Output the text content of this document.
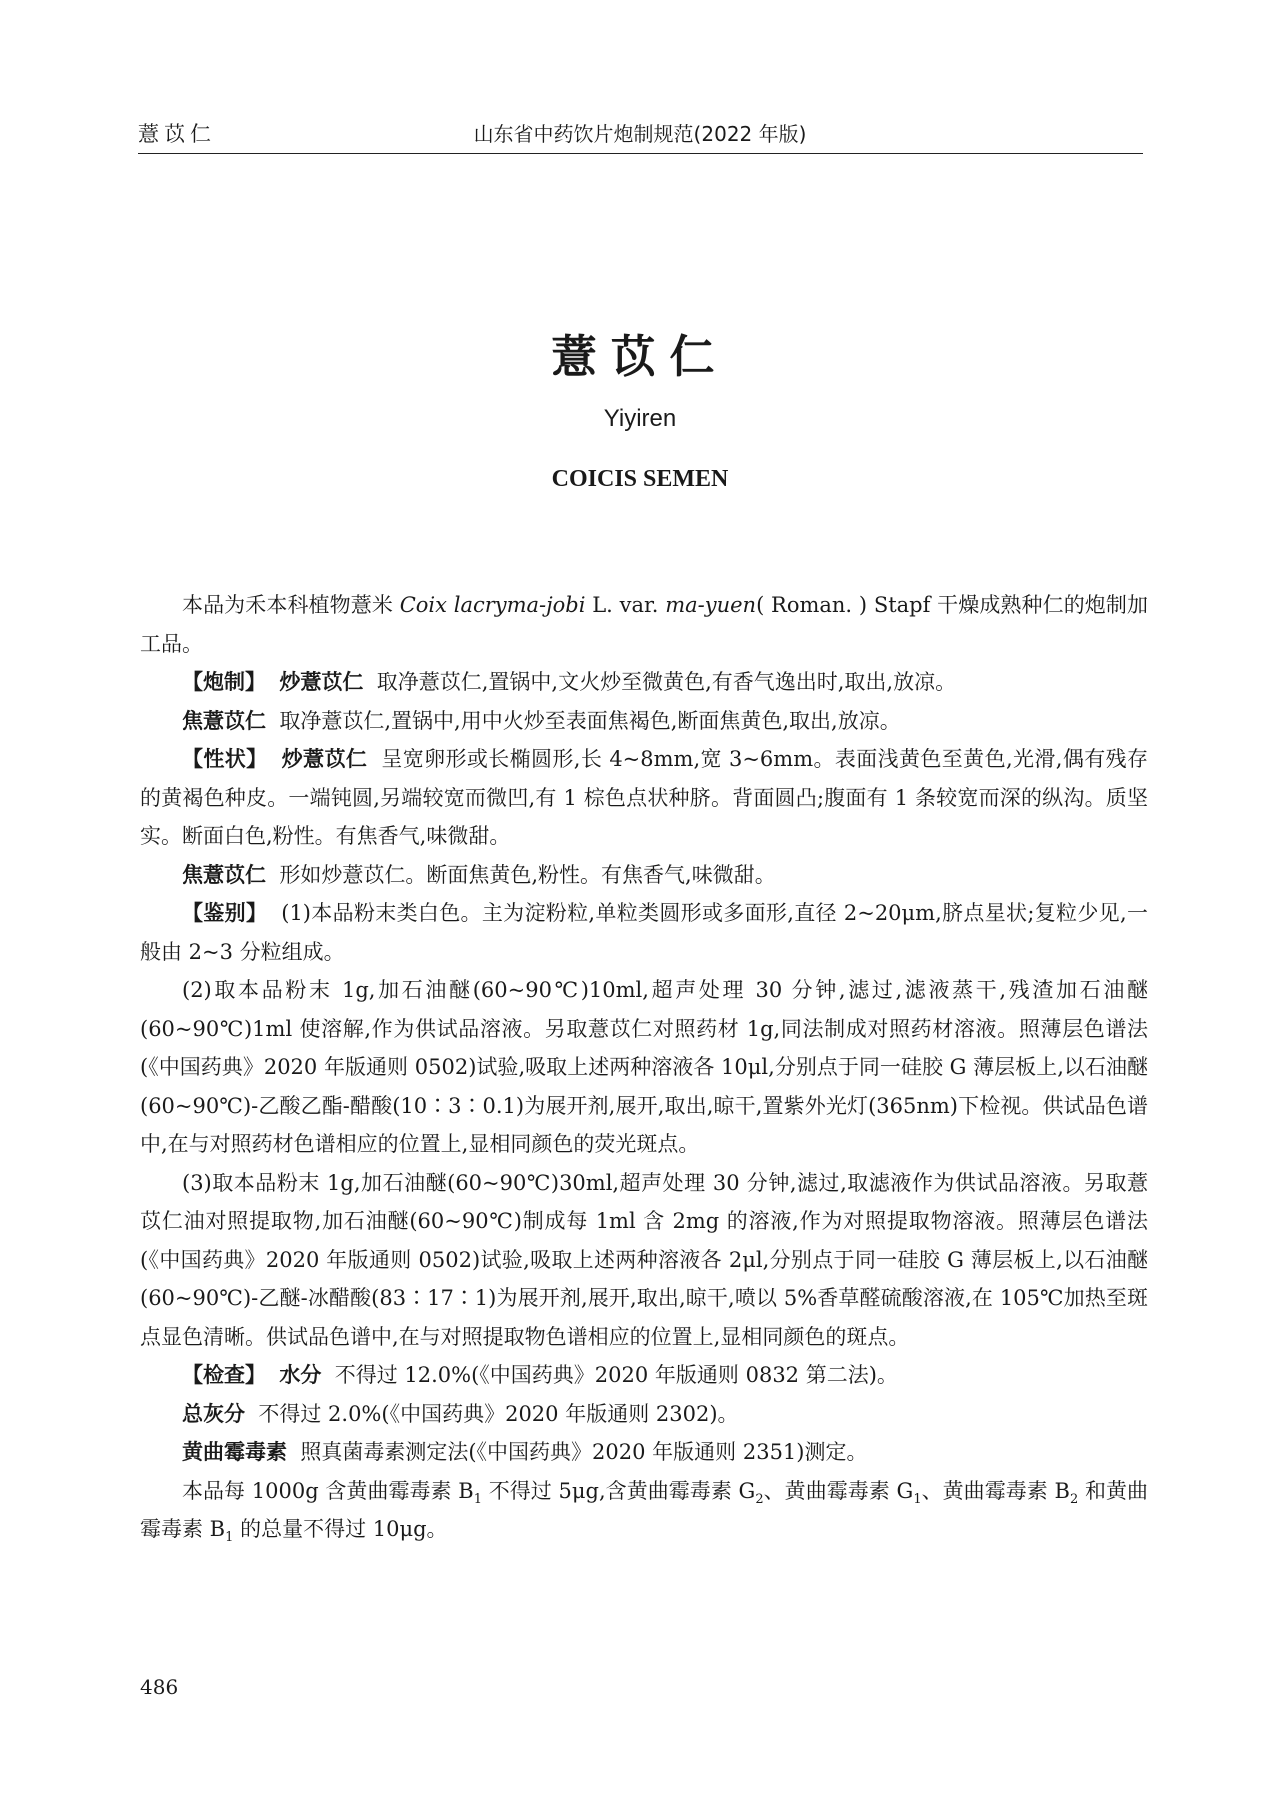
薏苡仁	山东省中药饮片炮制规范(2022 年版)
薏苡仁
Yiyiren
COICIS SEMEN

本品为禾本科植物薏米 Coix lacryma-jobi L. var. ma-yuen( Roman. ) Stapf 干燥成熟种仁的炮制加工品。

【炮制】 炒薏苡仁 取净薏苡仁,置锅中,文火炒至微黄色,有香气逸出时,取出,放凉。

焦薏苡仁 取净薏苡仁,置锅中,用中火炒至表面焦褐色,断面焦黄色,取出,放凉。

【性状】 炒薏苡仁 呈宽卵形或长椭圆形,长 4~8mm,宽 3~6mm。表面浅黄色至黄色,光滑,偶有残存的黄褐色种皮。一端钝圆,另端较宽而微凹,有 1 棕色点状种脐。背面圆凸;腹面有 1 条较宽而深的纵沟。质坚实。断面白色,粉性。有焦香气,味微甜。

焦薏苡仁 形如炒薏苡仁。断面焦黄色,粉性。有焦香气,味微甜。

【鉴别】 (1)本品粉末类白色。主为淀粉粒,单粒类圆形或多面形,直径 2~20μm,脐点星状;复粒少见,一般由 2~3 分粒组成。

(2)取本品粉末 1g,加石油醚(60~90℃)10ml,超声处理 30 分钟,滤过,滤液蒸干,残渣加石油醚(60~90℃)1ml 使溶解,作为供试品溶液。另取薏苡仁对照药材 1g,同法制成对照药材溶液。照薄层色谱法(《中国药典》2020 年版通则 0502)试验,吸取上述两种溶液各 10μl,分别点于同一硅胶 G 薄层板上,以石油醚(60~90℃)-乙酸乙酯-醋酸(10∶3∶0.1)为展开剂,展开,取出,晾干,置紫外光灯(365nm)下检视。供试品色谱中,在与对照药材色谱相应的位置上,显相同颜色的荧光斑点。

(3)取本品粉末 1g,加石油醚(60~90℃)30ml,超声处理 30 分钟,滤过,取滤液作为供试品溶液。另取薏苡仁油对照提取物,加石油醚(60~90℃)制成每 1ml 含 2mg 的溶液,作为对照提取物溶液。照薄层色谱法(《中国药典》2020 年版通则 0502)试验,吸取上述两种溶液各 2μl,分别点于同一硅胶 G 薄层板上,以石油醚(60~90℃)-乙醚-冰醋酸(83∶17∶1)为展开剂,展开,取出,晾干,喷以 5%香草醛硫酸溶液,在 105℃加热至斑点显色清晰。供试品色谱中,在与对照提取物色谱相应的位置上,显相同颜色的斑点。

【检查】 水分 不得过 12.0%(《中国药典》2020 年版通则 0832 第二法)。

总灰分 不得过 2.0%(《中国药典》2020 年版通则 2302)。

黄曲霉毒素 照真菌毒素测定法(《中国药典》2020 年版通则 2351)测定。

本品每 1000g 含黄曲霉毒素 $B_1$ 不得过 5μg,含黄曲霉毒素 $G_2$、黄曲霉毒素 $G_1$、黄曲霉毒素 $B_2$ 和黄曲霉毒素 $B_1$ 的总量不得过 10μg。

486
